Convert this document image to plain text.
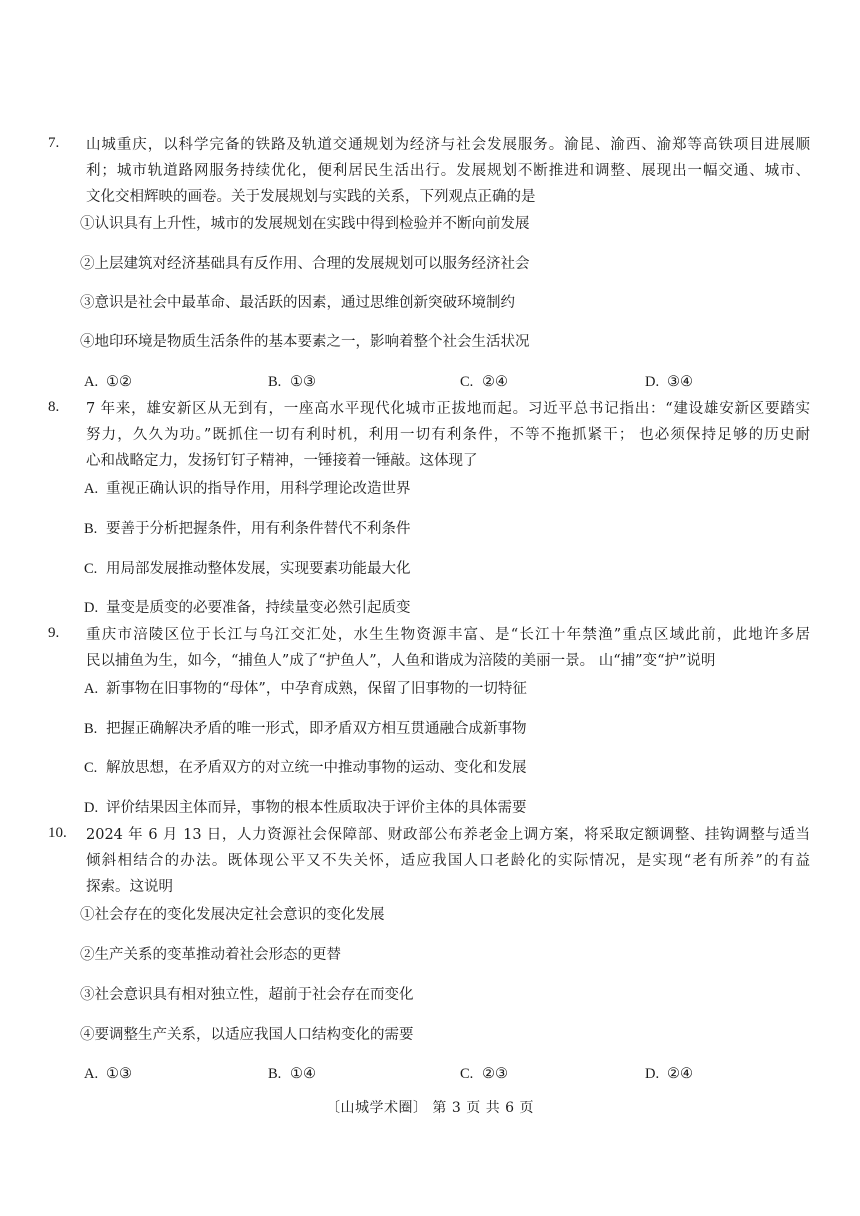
7.	山城重庆，以科学完备的铁路及轨道交通规划为经济与社会发展服务。渝昆、渝西、渝郑等高铁项目进展顺
利；城市轨道路网服务持续优化，便利居民生活出行。发展规划不断推进和调整、展现出一幅交通、城市、
文化交相辉映的画卷。关于发展规划与实践的关系，下列观点正确的是
①认识具有上升性，城市的发展规划在实践中得到检验并不断向前发展
②上层建筑对经济基础具有反作用、合理的发展规划可以服务经济社会
③意识是社会中最革命、最活跃的因素，通过思维创新突破环境制约
④地印环境是物质生活条件的基本要素之一，影响着整个社会生活状况
A. ①②	B. ①③	C. ②④	D. ③④
8.	7 年来，雄安新区从无到有，一座高水平现代化城市正拔地而起。习近平总书记指出：“建设雄安新区要踏实
努力，久久为功。”既抓住一切有利时机，利用一切有利条件，不等不拖抓紧干； 也必须保持足够的历史耐
心和战略定力，发扬钉钉子精神，一锤接着一锤敲。这体现了
A. 重视正确认识的指导作用，用科学理论改造世界
B. 要善于分析把握条件，用有利条件替代不利条件
C. 用局部发展推动整体发展，实现要素功能最大化
D. 量变是质变的必要准备，持续量变必然引起质变
9.	重庆市涪陵区位于长江与乌江交汇处，水生生物资源丰富、是“长江十年禁渔”重点区域此前，此地许多居
民以捕鱼为生，如今，“捕鱼人”成了“护鱼人”，人鱼和谐成为涪陵的美丽一景。 山“捕”变“护”说明
A. 新事物在旧事物的“母体”，中孕育成熟，保留了旧事物的一切特征
B. 把握正确解决矛盾的唯一形式，即矛盾双方相互贯通融合成新事物
C. 解放思想，在矛盾双方的对立统一中推动事物的运动、变化和发展
D. 评价结果因主体而异，事物的根本性质取决于评价主体的具体需要
10.	2024 年 6 月 13 日，人力资源社会保障部、财政部公布养老金上调方案，将采取定额调整、挂钩调整与适当
倾斜相结合的办法。既体现公平又不失关怀，适应我国人口老龄化的实际情况，是实现“老有所养”的有益
探索。这说明
①社会存在的变化发展决定社会意识的变化发展
②生产关系的变革推动着社会形态的更替
③社会意识具有相对独立性，超前于社会存在而变化
④要调整生产关系，以适应我国人口结构变化的需要
A. ①③	B. ①④	C. ②③	D. ②④
〔山城学术圈〕 第 3 页 共 6 页
